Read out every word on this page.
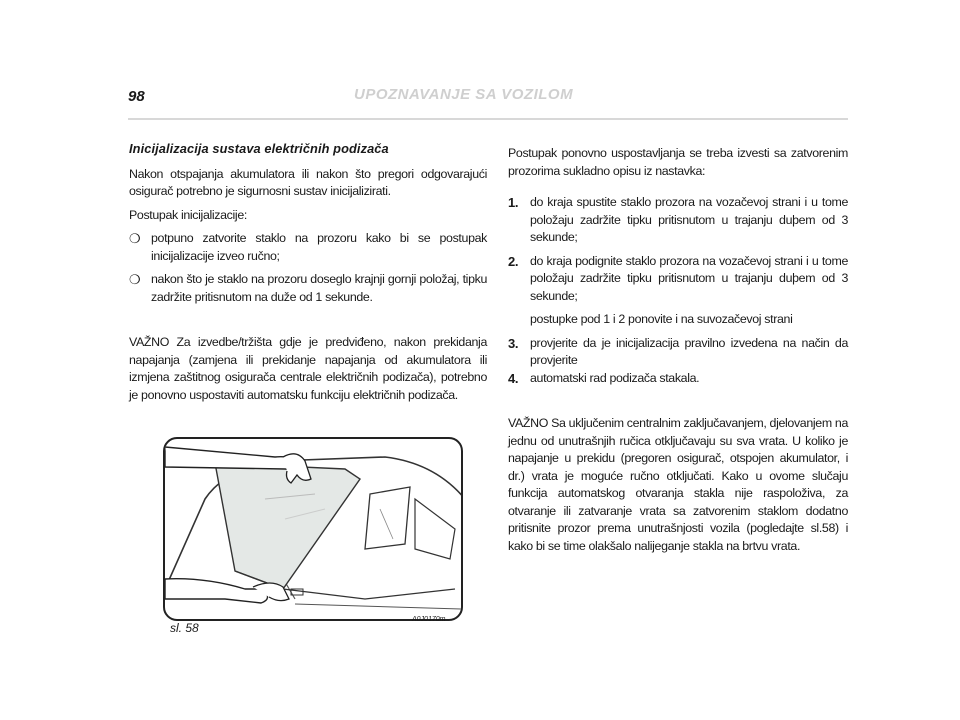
98	UPOZNAVANJE SA VOZILOM

Inicijalizacija sustava električnih podizača

Nakon otspajanja akumulatora ili nakon što pregori odgovarajući osigurač potrebno je sigurnosni sustav inicijalizirati.

Postupak inicijalizacije:

❍ potpuno zatvorite staklo na prozoru kako bi se postupak inicijalizacije izveo ručno;
❍ nakon što je staklo na prozoru doseglo krajnji gornji položaj, tipku zadržite pritisnutom na duže od 1 sekunde.

VAŽNO Za izvedbe/tržišta gdje je predviđeno, nakon prekidanja napajanja (zamjena ili prekidanje napajanja od akumulatora ili izmjena zaštitnog osigurača centrale električnih podizača), potrebno je ponovno uspostaviti automatsku funkciju električnih podizača.

A0J0170m
sl. 58

Postupak ponovno uspostavljanja se treba izvesti sa zatvorenim prozorima sukladno opisu iz nastavka:

1. do kraja spustite staklo prozora na vozačevoj strani i u tome položaju zadržite tipku pritisnutom u trajanju duþem od 3 sekunde;
2. do kraja podignite staklo prozora na vozačevoj strani i u tome položaju zadržite tipku pritisnutom u trajanju duþem od 3 sekunde;

postupke pod 1 i 2 ponovite i na suvozačevoj strani

3. provjerite da je inicijalizacija pravilno izvedena na način da provjerite
4. automatski rad podizača stakala.

VAŽNO Sa uključenim centralnim zaključavanjem, djelovanjem na jednu od unutrašnjih ručica otključavaju su sva vrata. U koliko je napajanje u prekidu (pregoren osigurač, otspojen akumulator, i dr.) vrata je moguće ručno otključati. Kako u ovome slučaju funkcija automatskog otvaranja stakla nije raspoloživa, za otvaranje ili zatvaranje vrata sa zatvorenim staklom dodatno pritisnite prozor prema unutrašnjosti vozila (pogledajte sl.58) i kako bi se time olakšalo nalijeganje stakla na brtvu vrata.
